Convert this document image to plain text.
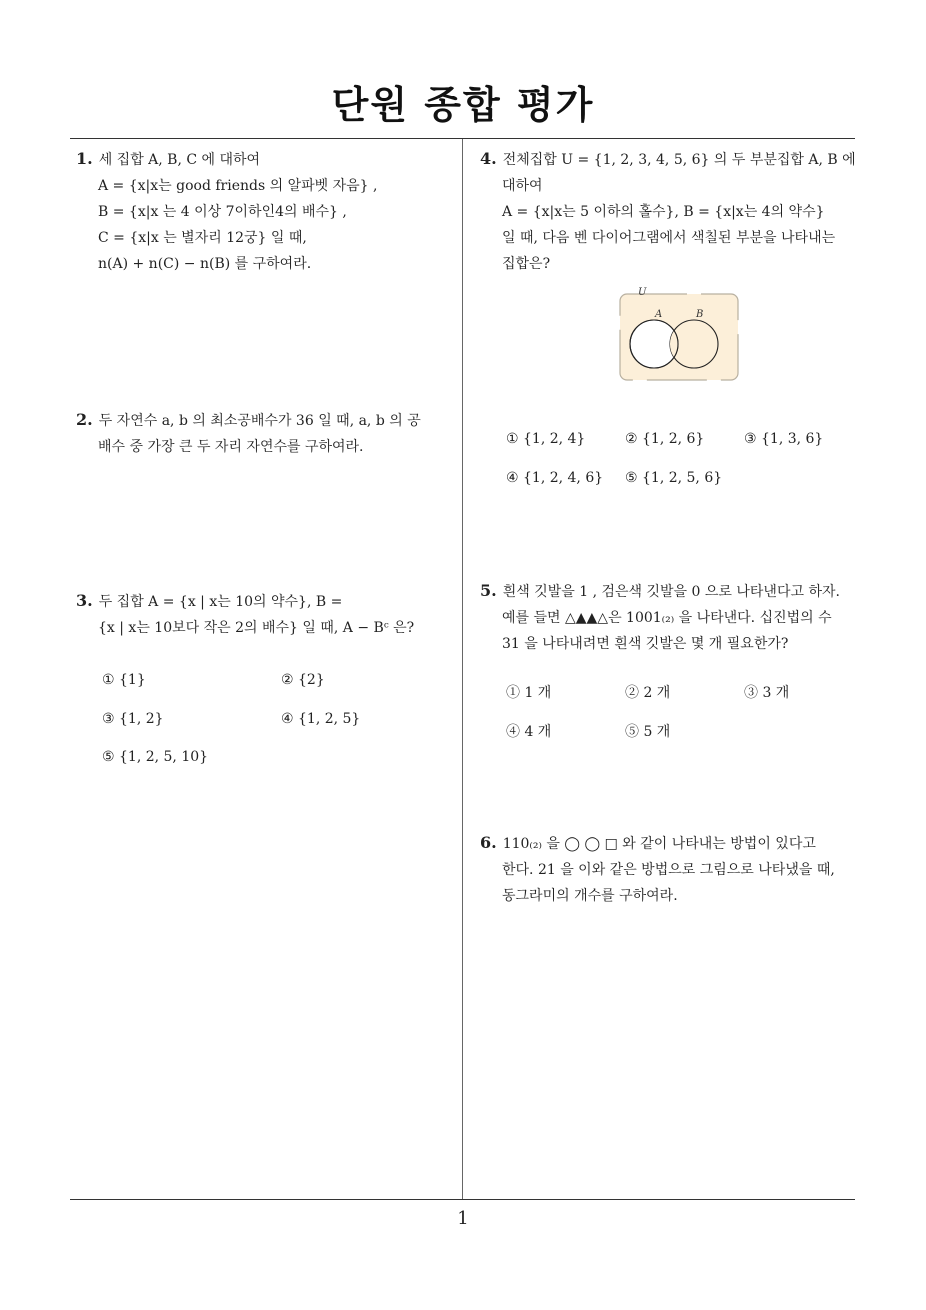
단원 종합 평가
1. 세 집합 A, B, C 에 대하여
A = {x|x는 good friends 의 알파벳 자음} ,
B = {x|x 는 4 이상 7이하인4의 배수} ,
C = {x|x 는 별자리 12궁} 일 때,
n(A) + n(C) − n(B) 를 구하여라.
2. 두 자연수 a, b 의 최소공배수가 36 일 때, a, b 의 공
배수 중 가장 큰 두 자리 자연수를 구하여라.
3. 두 집합 A = {x | x는 10의 약수}, B =
{x | x는 10보다 작은 2의 배수} 일 때, A − Bᶜ 은?
① {1}	② {2}
③ {1, 2}	④ {1, 2, 5}
⑤ {1, 2, 5, 10}
4. 전체집합 U = {1, 2, 3, 4, 5, 6} 의 두 부분집합 A, B 에
대하여
A = {x|x는 5 이하의 홀수}, B = {x|x는 4의 약수}
일 때, 다음 벤 다이어그램에서 색칠된 부분을 나타내는
집합은?
U
A	B
① {1, 2, 4}	② {1, 2, 6}	③ {1, 3, 6}
④ {1, 2, 4, 6} ⑤ {1, 2, 5, 6}
5. 흰색 깃발을 1 , 검은색 깃발을 0 으로 나타낸다고 하자.
예를 들면 △▲▲△은 1001₍₂₎ 을 나타낸다. 십진법의 수
31 을 나타내려면 흰색 깃발은 몇 개 필요한가?
① 1 개	② 2 개	③ 3 개
④ 4 개	⑤ 5 개
6. 110₍₂₎ 을 ◯ ◯ □ 와 같이 나타내는 방법이 있다고
한다. 21 을 이와 같은 방법으로 그림으로 나타냈을 때,
동그라미의 개수를 구하여라.
1
